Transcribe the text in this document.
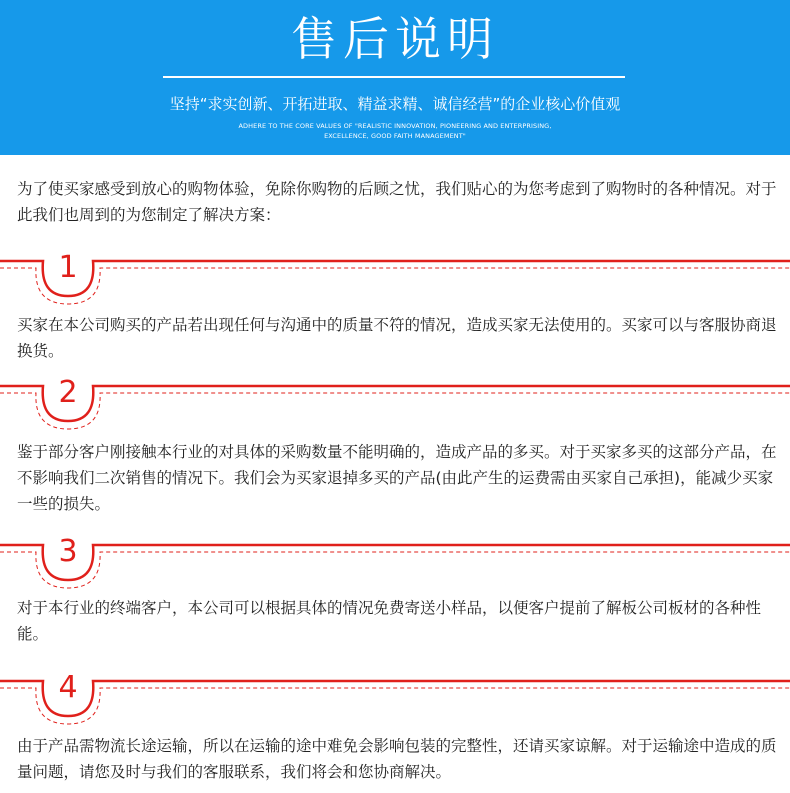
售后说明
坚持“求实创新、开拓进取、精益求精、诚信经营”的企业核心价值观
ADHERE TO THE CORE VALUES OF "REALISTIC INNOVATION, PIONEERING AND ENTERPRISING,
EXCELLENCE, GOOD FAITH MANAGEMENT"
为了使买家感受到放心的购物体验，免除你购物的后顾之忧，我们贴心的为您考虑到了购物时的各种情况。对于此我们也周到的为您制定了解决方案：
1
买家在本公司购买的产品若出现任何与沟通中的质量不符的情况，造成买家无法使用的。买家可以与客服协商退换货。
2
鉴于部分客户刚接触本行业的对具体的采购数量不能明确的，造成产品的多买。对于买家多买的这部分产品，在不影响我们二次销售的情况下。我们会为买家退掉多买的产品(由此产生的运费需由买家自己承担)，能减少买家一些的损失。
3
对于本行业的终端客户，本公司可以根据具体的情况免费寄送小样品，以便客户提前了解板公司板材的各种性能。
4
由于产品需物流长途运输，所以在运输的途中难免会影响包装的完整性，还请买家谅解。对于运输途中造成的质量问题，请您及时与我们的客服联系，我们将会和您协商解决。
